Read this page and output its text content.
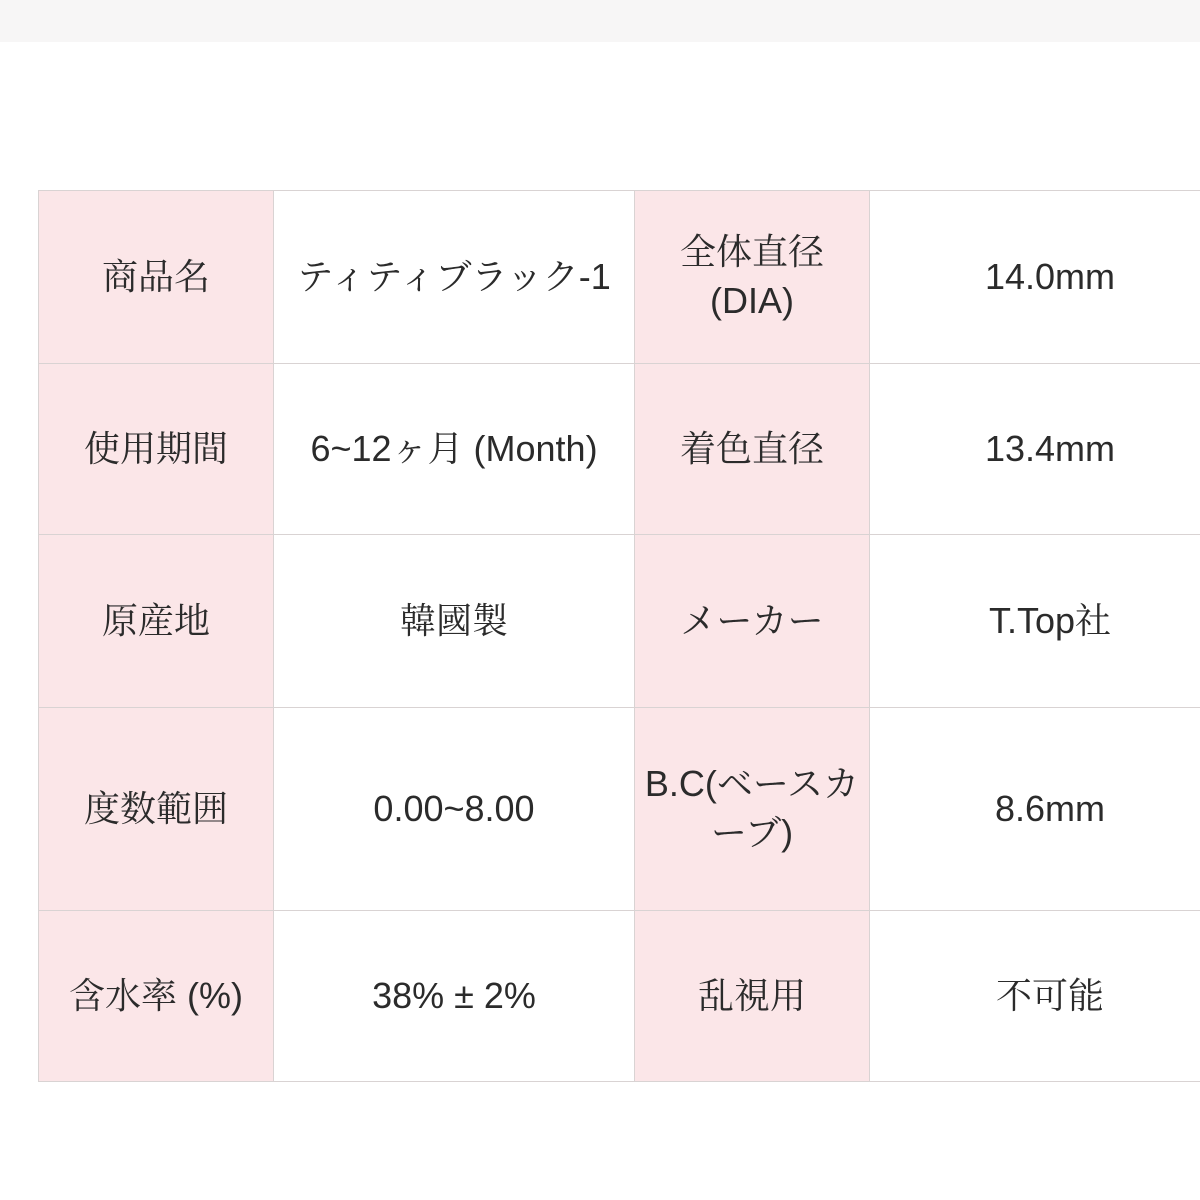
商品名	ティティブラック-1	全体直径 (DIA)	14.0mm
使用期間	6~12ヶ月 (Month)	着色直径	13.4mm
原産地	韓國製	メーカー	T.Top社
度数範囲	0.00~8.00	B.C(ベースカーブ)	8.6mm
含水率 (%)	38% ± 2%	乱視用	不可能
